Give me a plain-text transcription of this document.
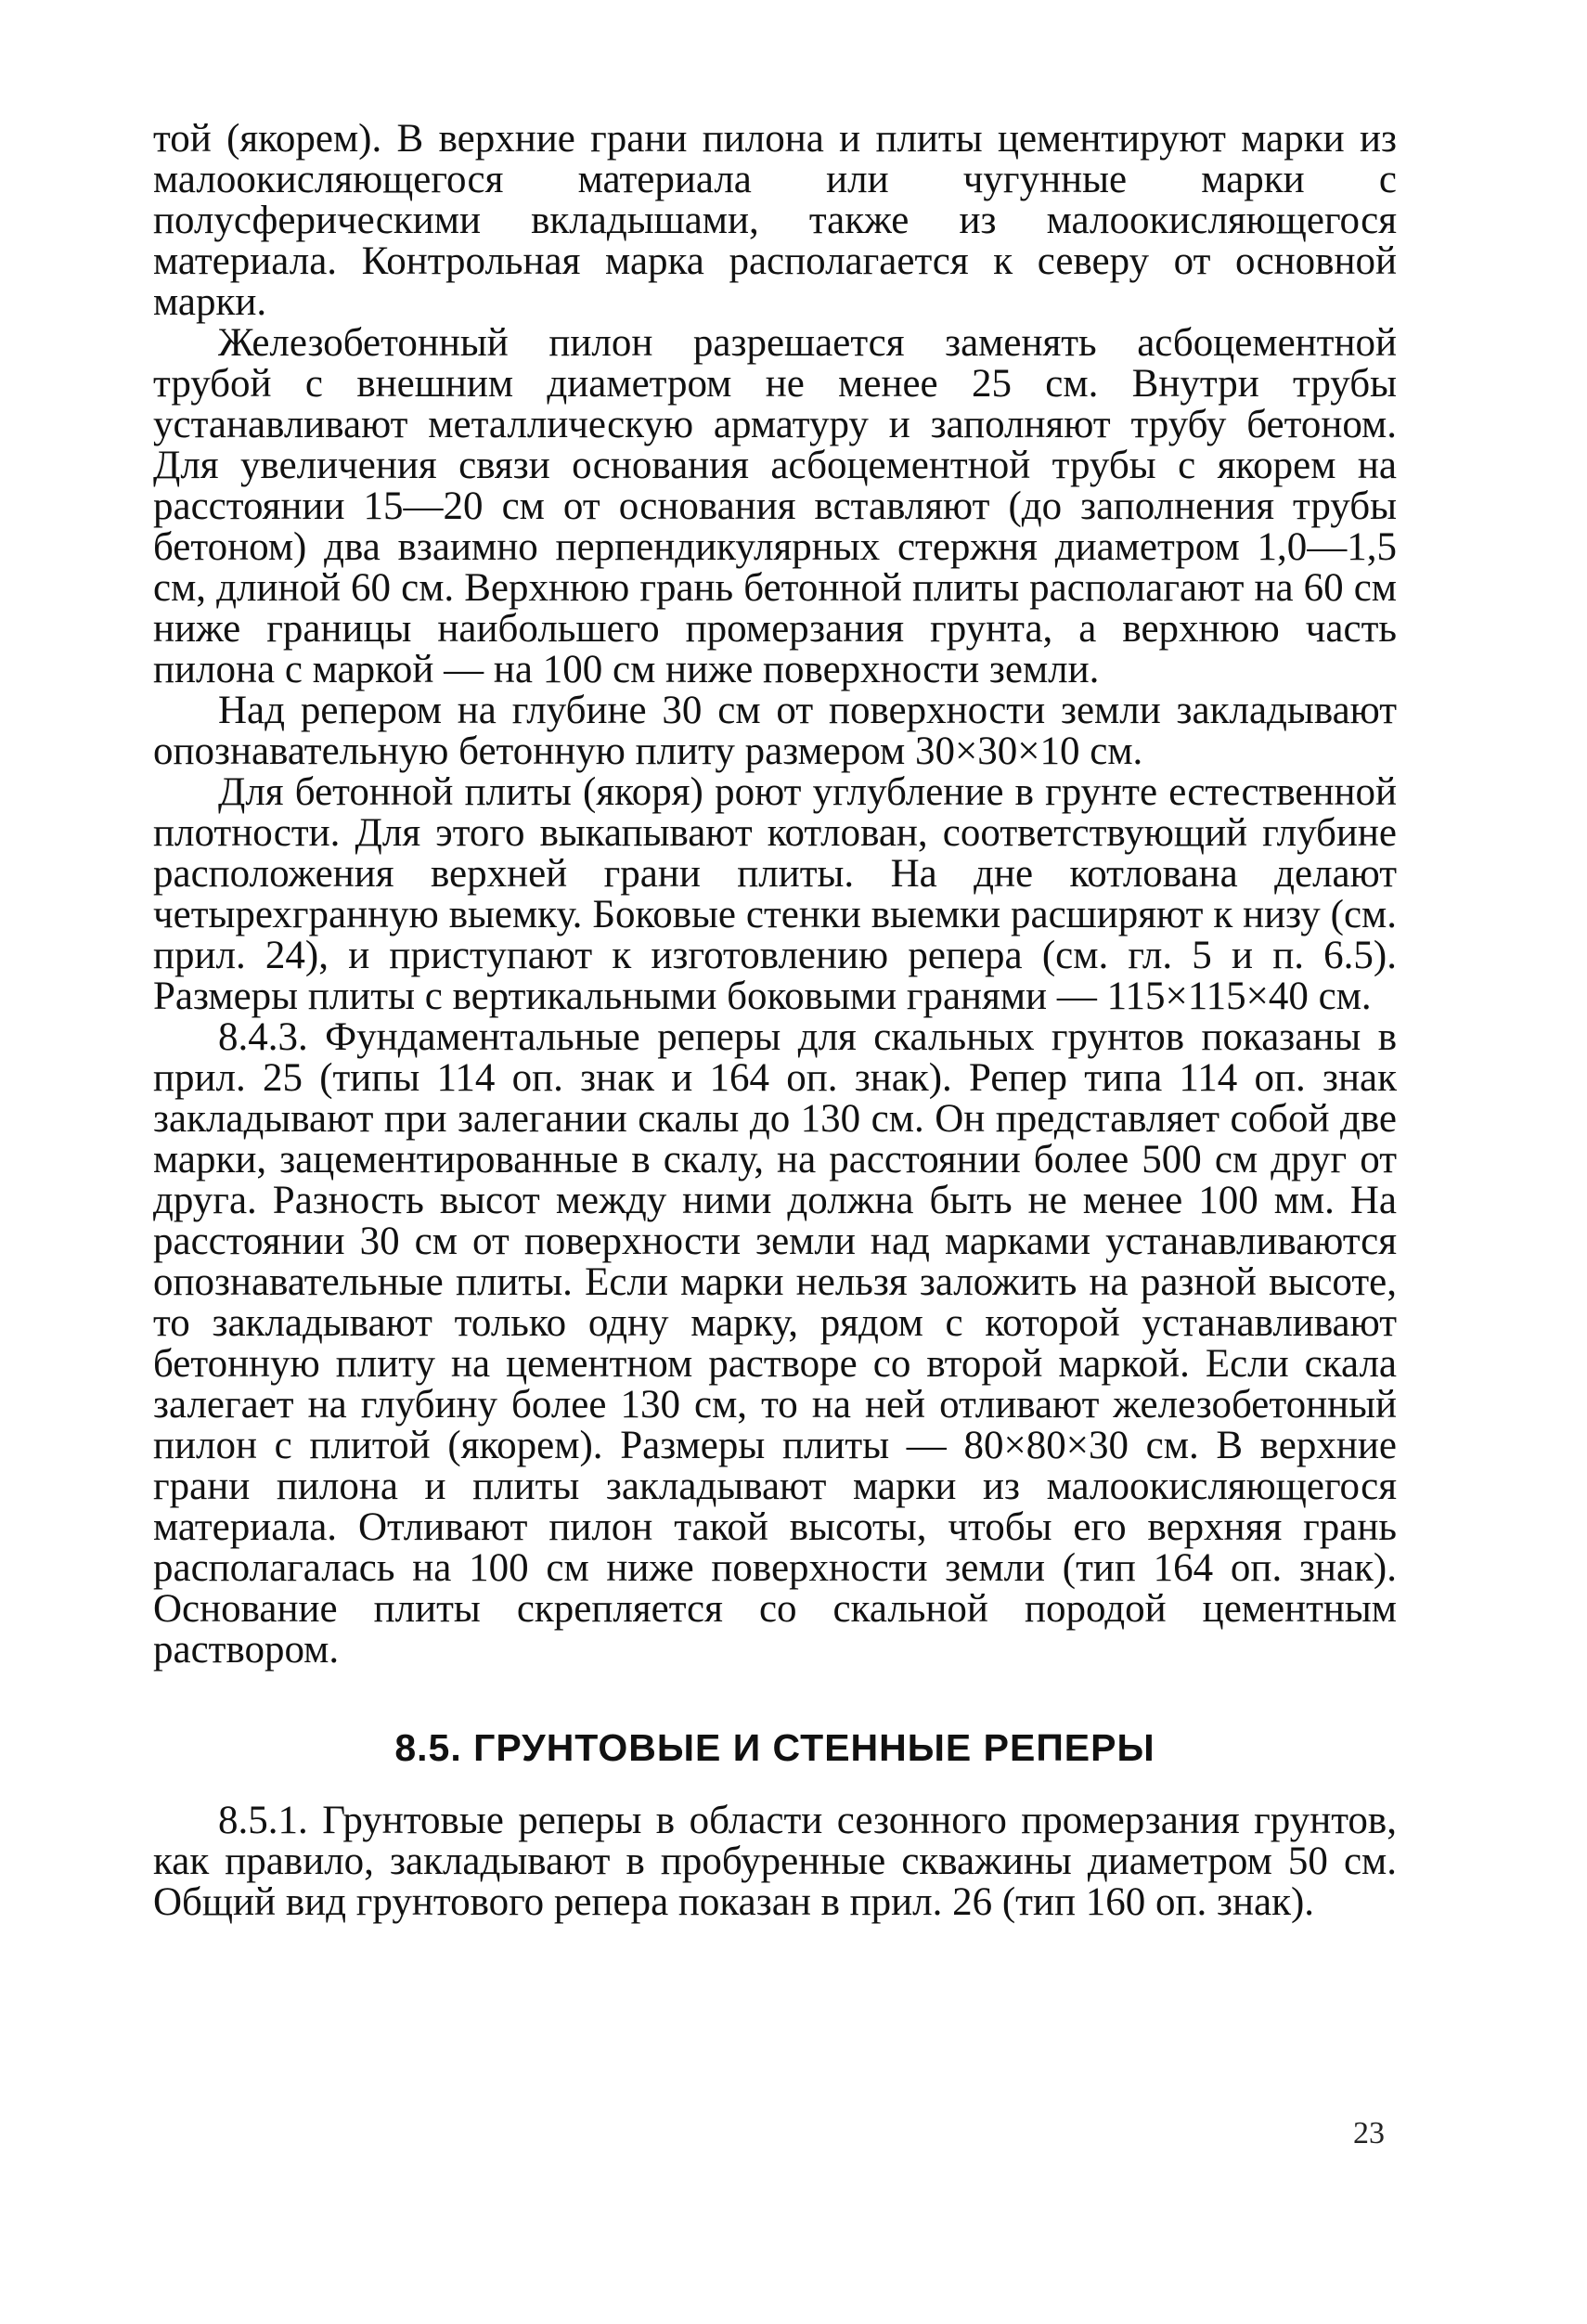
той (якорем). В верхние грани пилона и плиты цементируют марки из малоокисляющегося материала или чугунные марки с полусферическими вкладышами, также из малоокисляющегося материала. Контрольная марка располагается к северу от основной марки.

Железобетонный пилон разрешается заменять асбоцементной трубой с внешним диаметром не менее 25 см. Внутри трубы устанавливают металлическую арматуру и заполняют трубу бетоном. Для увеличения связи основания асбоцементной трубы с якорем на расстоянии 15—20 см от основания вставляют (до заполнения трубы бетоном) два взаимно перпендикулярных стержня диаметром 1,0—1,5 см, длиной 60 см. Верхнюю грань бетонной плиты располагают на 60 см ниже границы наибольшего промерзания грунта, а верхнюю часть пилона с маркой — на 100 см ниже поверхности земли.

Над репером на глубине 30 см от поверхности земли закладывают опознавательную бетонную плиту размером 30×30×10 см.

Для бетонной плиты (якоря) роют углубление в грунте естественной плотности. Для этого выкапывают котлован, соответствующий глубине расположения верхней грани плиты. На дне котлована делают четырехгранную выемку. Боковые стенки выемки расширяют к низу (см. прил. 24), и приступают к изготовлению репера (см. гл. 5 и п. 6.5). Размеры плиты с вертикальными боковыми гранями — 115×115×40 см.

8.4.3. Фундаментальные реперы для скальных грунтов показаны в прил. 25 (типы 114 оп. знак и 164 оп. знак). Репер типа 114 оп. знак закладывают при залегании скалы до 130 см. Он представляет собой две марки, зацементированные в скалу, на расстоянии более 500 см друг от друга. Разность высот между ними должна быть не менее 100 мм. На расстоянии 30 см от поверхности земли над марками устанавливаются опознавательные плиты. Если марки нельзя заложить на разной высоте, то закладывают только одну марку, рядом с которой устанавливают бетонную плиту на цементном растворе со второй маркой. Если скала залегает на глубину более 130 см, то на ней отливают железобетонный пилон с плитой (якорем). Размеры плиты — 80×80×30 см. В верхние грани пилона и плиты закладывают марки из малоокисляющегося материала. Отливают пилон такой высоты, чтобы его верхняя грань располагалась на 100 см ниже поверхности земли (тип 164 оп. знак). Основание плиты скрепляется со скальной породой цементным раствором.

8.5. ГРУНТОВЫЕ И СТЕННЫЕ РЕПЕРЫ

8.5.1. Грунтовые реперы в области сезонного промерзания грунтов, как правило, закладывают в пробуренные скважины диаметром 50 см. Общий вид грунтового репера показан в прил. 26 (тип 160 оп. знак).

23
